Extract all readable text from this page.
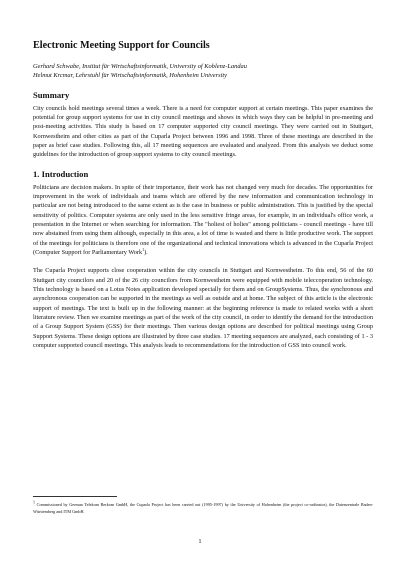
Electronic Meeting Support for Councils
Gerhard Schwabe, Institut für Wirtschaftsinformatik, University of Koblenz-Landau
Helmut Krcmar, Lehrstuhl für Wirtschaftsinformatik, Hohenheim University
Summary

City councils hold meetings several times a week. There is a need for computer support at certain meetings. This paper examines the potential for group support systems for use in city council meetings and shows in which ways they can be helpful in pre-meeting and post-meeting activities. This study is based on 17 computer supported city council meetings. They were carried out in Stuttgart, Kornwestheim and other cities as part of the Cuparla Project between 1996 and 1998. Three of these meetings are described in the paper as brief case studies. Following this, all 17 meeting sequences are evaluated and analyzed. From this analysis we deduct some guidelines for the introduction of group support systems to city council meetings.

1. Introduction

Politicians are decision makers. In spite of their importance, their work has not changed very much for decades. The opportunities for improvement in the work of individuals and teams which are offered by the new information and communication technology in particular are not being introduced to the same extent as is the case in business or public administration. This is justified by the special sensitivity of politics. Computer systems are only used in the less sensitive fringe areas, for example, in an individual's office work, a presentation in the Internet or when searching for information. The "holiest of holies" among politicians - council meetings - have till now abstained from using them although, especially in this area, a lot of time is wasted and there is little productive work. The support of the meetings for politicians is therefore one of the organizational and technical innovations which is advanced in the Cuparla Project (Computer Support for Parliamentary Work$^1$).

The Cuparla Project supports close cooperation within the city councils in Stuttgart and Kornwestheim. To this end, 56 of the 60 Stuttgart city councilors and 20 of the 26 city councilors from Kornwestheim were equipped with mobile teleccoperation technology. This technology is based on a Lotus Notes application developed specially for them and on GroupSystems. Thus, the synchronous and asynchronous cooperation can be supported in the meetings as well as outside and at home. The subject of this article is the electronic support of meetings. The text is built up in the following manner: at the beginning reference is made to related works with a short literature review. Then we examine meetings as part of the work of the city council, in order to identify the demand for the introduction of a Group Support System (GSS) for their meetings. Then various design options are described for political meetings using Group Support Systems. These design options are illustrated by three case studies. 17 meeting sequences are analyzed, each consisting of 1 - 3 computer supported council meetings. This analysis leads to recommendations for the introduction of GSS into council work.

$^1$ Commissioned by German Telekom Berkom GmbH, the Cuparla Project has been carried out (1995-1997) by the University of Hohenheim (the project co-ordinator), the Datenzentrale Baden-Württemberg and ITM GmbH.
1
